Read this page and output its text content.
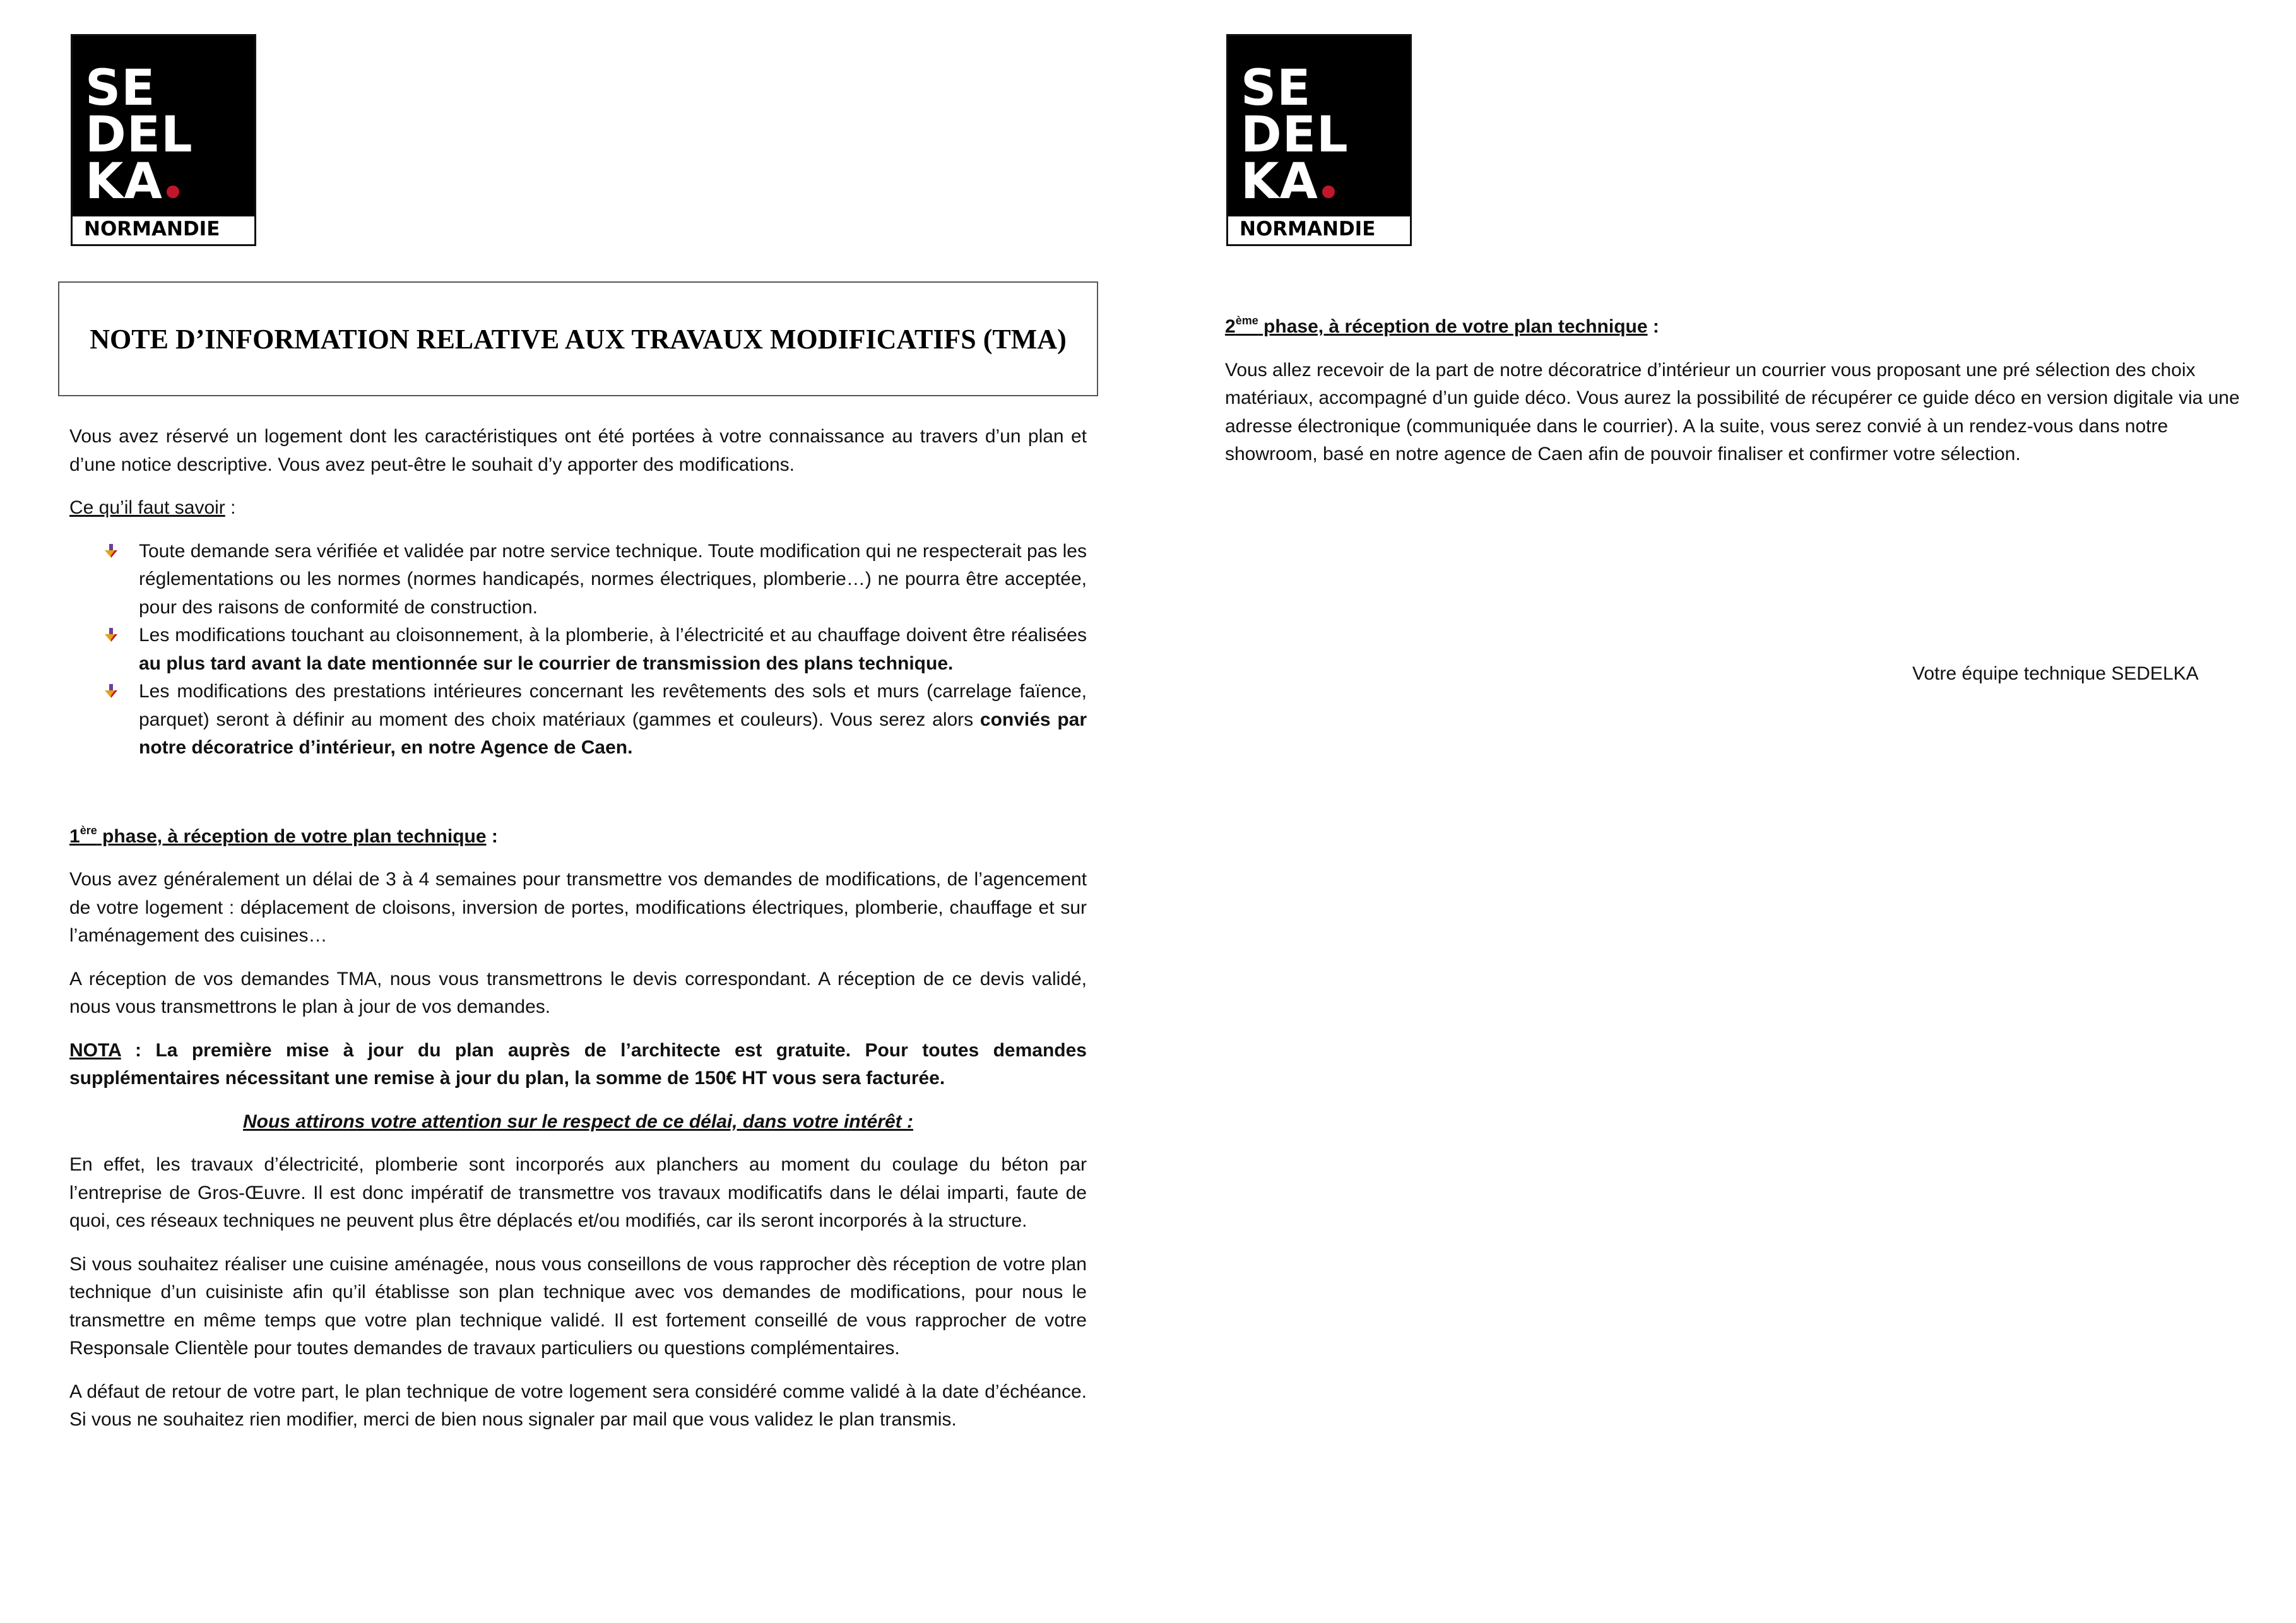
SE
DEL
KA
NORMANDIE
SE
DEL
KA
NORMANDIE
NOTE D’INFORMATION RELATIVE AUX TRAVAUX MODIFICATIFS (TMA)

Vous avez réservé un logement dont les caractéristiques ont été portées à votre connaissance au travers d’un plan et d’une notice descriptive. Vous avez peut-être le souhait d’y apporter des modifications.

Ce qu’il faut savoir :

Toute demande sera vérifiée et validée par notre service technique. Toute modification qui ne respecterait pas les réglementations ou les normes (normes handicapés, normes électriques, plomberie…) ne pourra être acceptée, pour des raisons de conformité de construction.
Les modifications touchant au cloisonnement, à la plomberie, à l’électricité et au chauffage doivent être réalisées au plus tard avant la date mentionnée sur le courrier de transmission des plans technique.
Les modifications des prestations intérieures concernant les revêtements des sols et murs (carrelage faïence, parquet) seront à définir au moment des choix matériaux (gammes et couleurs). Vous serez alors conviés par notre décoratrice d’intérieur, en notre Agence de Caen.

1ère phase, à réception de votre plan technique :

Vous avez généralement un délai de 3 à 4 semaines pour transmettre vos demandes de modifications, de l’agencement de votre logement : déplacement de cloisons, inversion de portes, modifications électriques, plomberie, chauffage et sur l’aménagement des cuisines…

A réception de vos demandes TMA, nous vous transmettrons le devis correspondant. A réception de ce devis validé, nous vous transmettrons le plan à jour de vos demandes.

NOTA : La première mise à jour du plan auprès de l’architecte est gratuite. Pour toutes demandes supplémentaires nécessitant une remise à jour du plan, la somme de 150€ HT vous sera facturée.

Nous attirons votre attention sur le respect de ce délai, dans votre intérêt :

En effet, les travaux d’électricité, plomberie sont incorporés aux planchers au moment du coulage du béton par l’entreprise de Gros-Œuvre. Il est donc impératif de transmettre vos travaux modificatifs dans le délai imparti, faute de quoi, ces réseaux techniques ne peuvent plus être déplacés et/ou modifiés, car ils seront incorporés à la structure.

Si vous souhaitez réaliser une cuisine aménagée, nous vous conseillons de vous rapprocher dès réception de votre plan technique d’un cuisiniste afin qu’il établisse son plan technique avec vos demandes de modifications, pour nous le transmettre en même temps que votre plan technique validé. Il est fortement conseillé de vous rapprocher de votre Responsale Clientèle pour toutes demandes de travaux particuliers ou questions complémentaires.

A défaut de retour de votre part, le plan technique de votre logement sera considéré comme validé à la date d’échéance. Si vous ne souhaitez rien modifier, merci de bien nous signaler par mail que vous validez le plan transmis.

2ème phase, à réception de votre plan technique :

Vous allez recevoir de la part de notre décoratrice d’intérieur un courrier vous proposant une pré sélection des choix matériaux, accompagné d’un guide déco. Vous aurez la possibilité de récupérer ce guide déco en version digitale via une adresse électronique (communiquée dans le courrier). A la suite, vous serez convié à un rendez-vous dans notre showroom, basé en notre agence de Caen afin de pouvoir finaliser et confirmer votre sélection.

Votre équipe technique SEDELKA
